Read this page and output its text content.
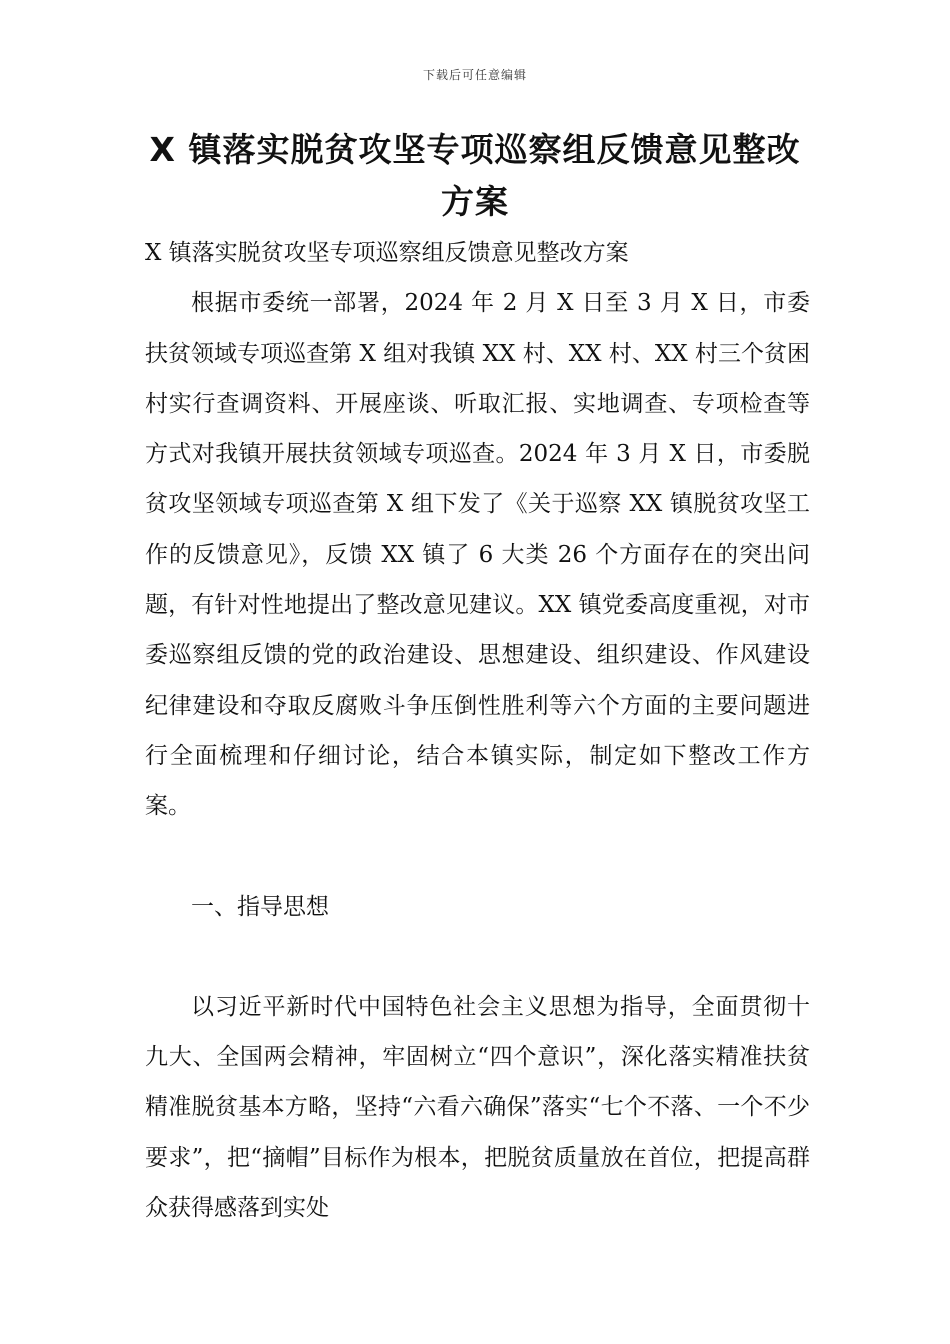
下载后可任意编辑
X 镇落实脱贫攻坚专项巡察组反馈意见整改
方案

X 镇落实脱贫攻坚专项巡察组反馈意见整改方案

根据市委统一部署，2024 年 2 月 X 日至 3 月 X 日，市委扶贫领域专项巡查第 X 组对我镇 XX 村、XX 村、XX 村三个贫困村实行查调资料、开展座谈、听取汇报、实地调查、专项检查等方式对我镇开展扶贫领域专项巡查。2024 年 3 月 X 日，市委脱贫攻坚领域专项巡查第 X 组下发了《关于巡察 XX 镇脱贫攻坚工作的反馈意见》，反馈 XX 镇了 6 大类 26 个方面存在的突出问题，有针对性地提出了整改意见建议。XX 镇党委高度重视，对市委巡察组反馈的党的政治建设、思想建设、组织建设、作风建设纪律建设和夺取反腐败斗争压倒性胜利等六个方面的主要问题进行全面梳理和仔细讨论，结合本镇实际，制定如下整改工作方案。

一、指导思想

以习近平新时代中国特色社会主义思想为指导，全面贯彻十九大、全国两会精神，牢固树立“四个意识”，深化落实精准扶贫精准脱贫基本方略，坚持“六看六确保”落实“七个不落、一个不少要求”，把“摘帽”目标作为根本，把脱贫质量放在首位，把提高群众获得感落到实处
